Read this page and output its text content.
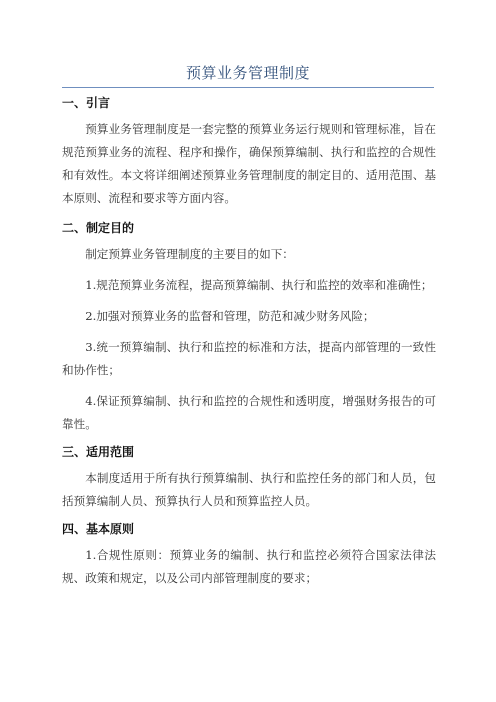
预算业务管理制度
一、引言

预算业务管理制度是一套完整的预算业务运行规则和管理标准，旨在规范预算业务的流程、程序和操作，确保预算编制、执行和监控的合规性和有效性。本文将详细阐述预算业务管理制度的制定目的、适用范围、基本原则、流程和要求等方面内容。

二、制定目的

制定预算业务管理制度的主要目的如下：

1.规范预算业务流程，提高预算编制、执行和监控的效率和准确性；

2.加强对预算业务的监督和管理，防范和减少财务风险；

3.统一预算编制、执行和监控的标准和方法，提高内部管理的一致性和协作性；

4.保证预算编制、执行和监控的合规性和透明度，增强财务报告的可靠性。

三、适用范围

本制度适用于所有执行预算编制、执行和监控任务的部门和人员，包括预算编制人员、预算执行人员和预算监控人员。

四、基本原则

1.合规性原则：预算业务的编制、执行和监控必须符合国家法律法规、政策和规定，以及公司内部管理制度的要求；
